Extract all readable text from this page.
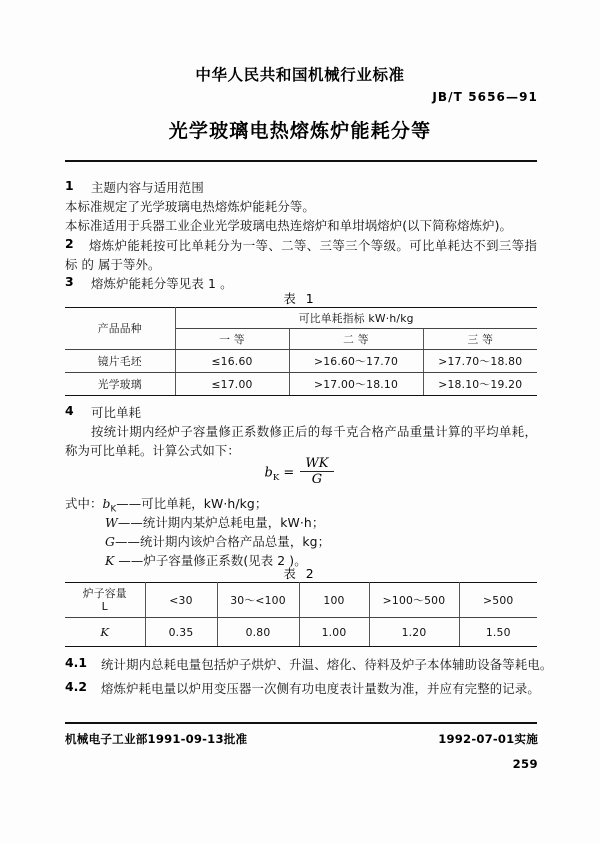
中华人民共和国机械行业标准
JB/T 5656—91
光学玻璃电热熔炼炉能耗分等
1 主题内容与适用范围
本标准规定了光学玻璃电热熔炼炉能耗分等。
本标准适用于兵器工业企业光学玻璃电热连熔炉和单坩埚熔炉(以下简称熔炼炉)。
2	熔炼炉能耗按可比单耗分为一等、二等、三等三个等级。可比单耗达不到三等指标 的 属于等外。
3 熔炼炉能耗分等见表 1 。
表 1
产品品种	可比单耗指标 kW·h/kg		
	一 等	二 等	三 等
镜片毛坯	≤16.60	>16.60～17.70	>17.70～18.80
光学玻璃	≤17.00	>17.00～18.10	>18.10～19.20
4 可比单耗
按统计期内经炉子容量修正系数修正后的每千克合格产品重量计算的平均单耗，称为可比单耗。计算公式如下：
$b_K = \frac{WK}{G}$
式中：$b_K——$可比单耗，kW·h/kg；
W——统计期内某炉总耗电量，kW·h；
G——统计期内该炉合格产品总量，kg；
K ——炉子容量修正系数(见表 2 )。
表 2
炉子容量
L	<30	30～<100	100	>100～500	>500
K	0.35	0.80	1.00	1.20	1.50
4.1 统计期内总耗电量包括炉子烘炉、升温、熔化、待料及炉子本体辅助设备等耗电。
4.2 熔炼炉耗电量以炉用变压器一次侧有功电度表计量数为准，并应有完整的记录。
机械电子工业部1991-09-13批准	1992-07-01实施
259
